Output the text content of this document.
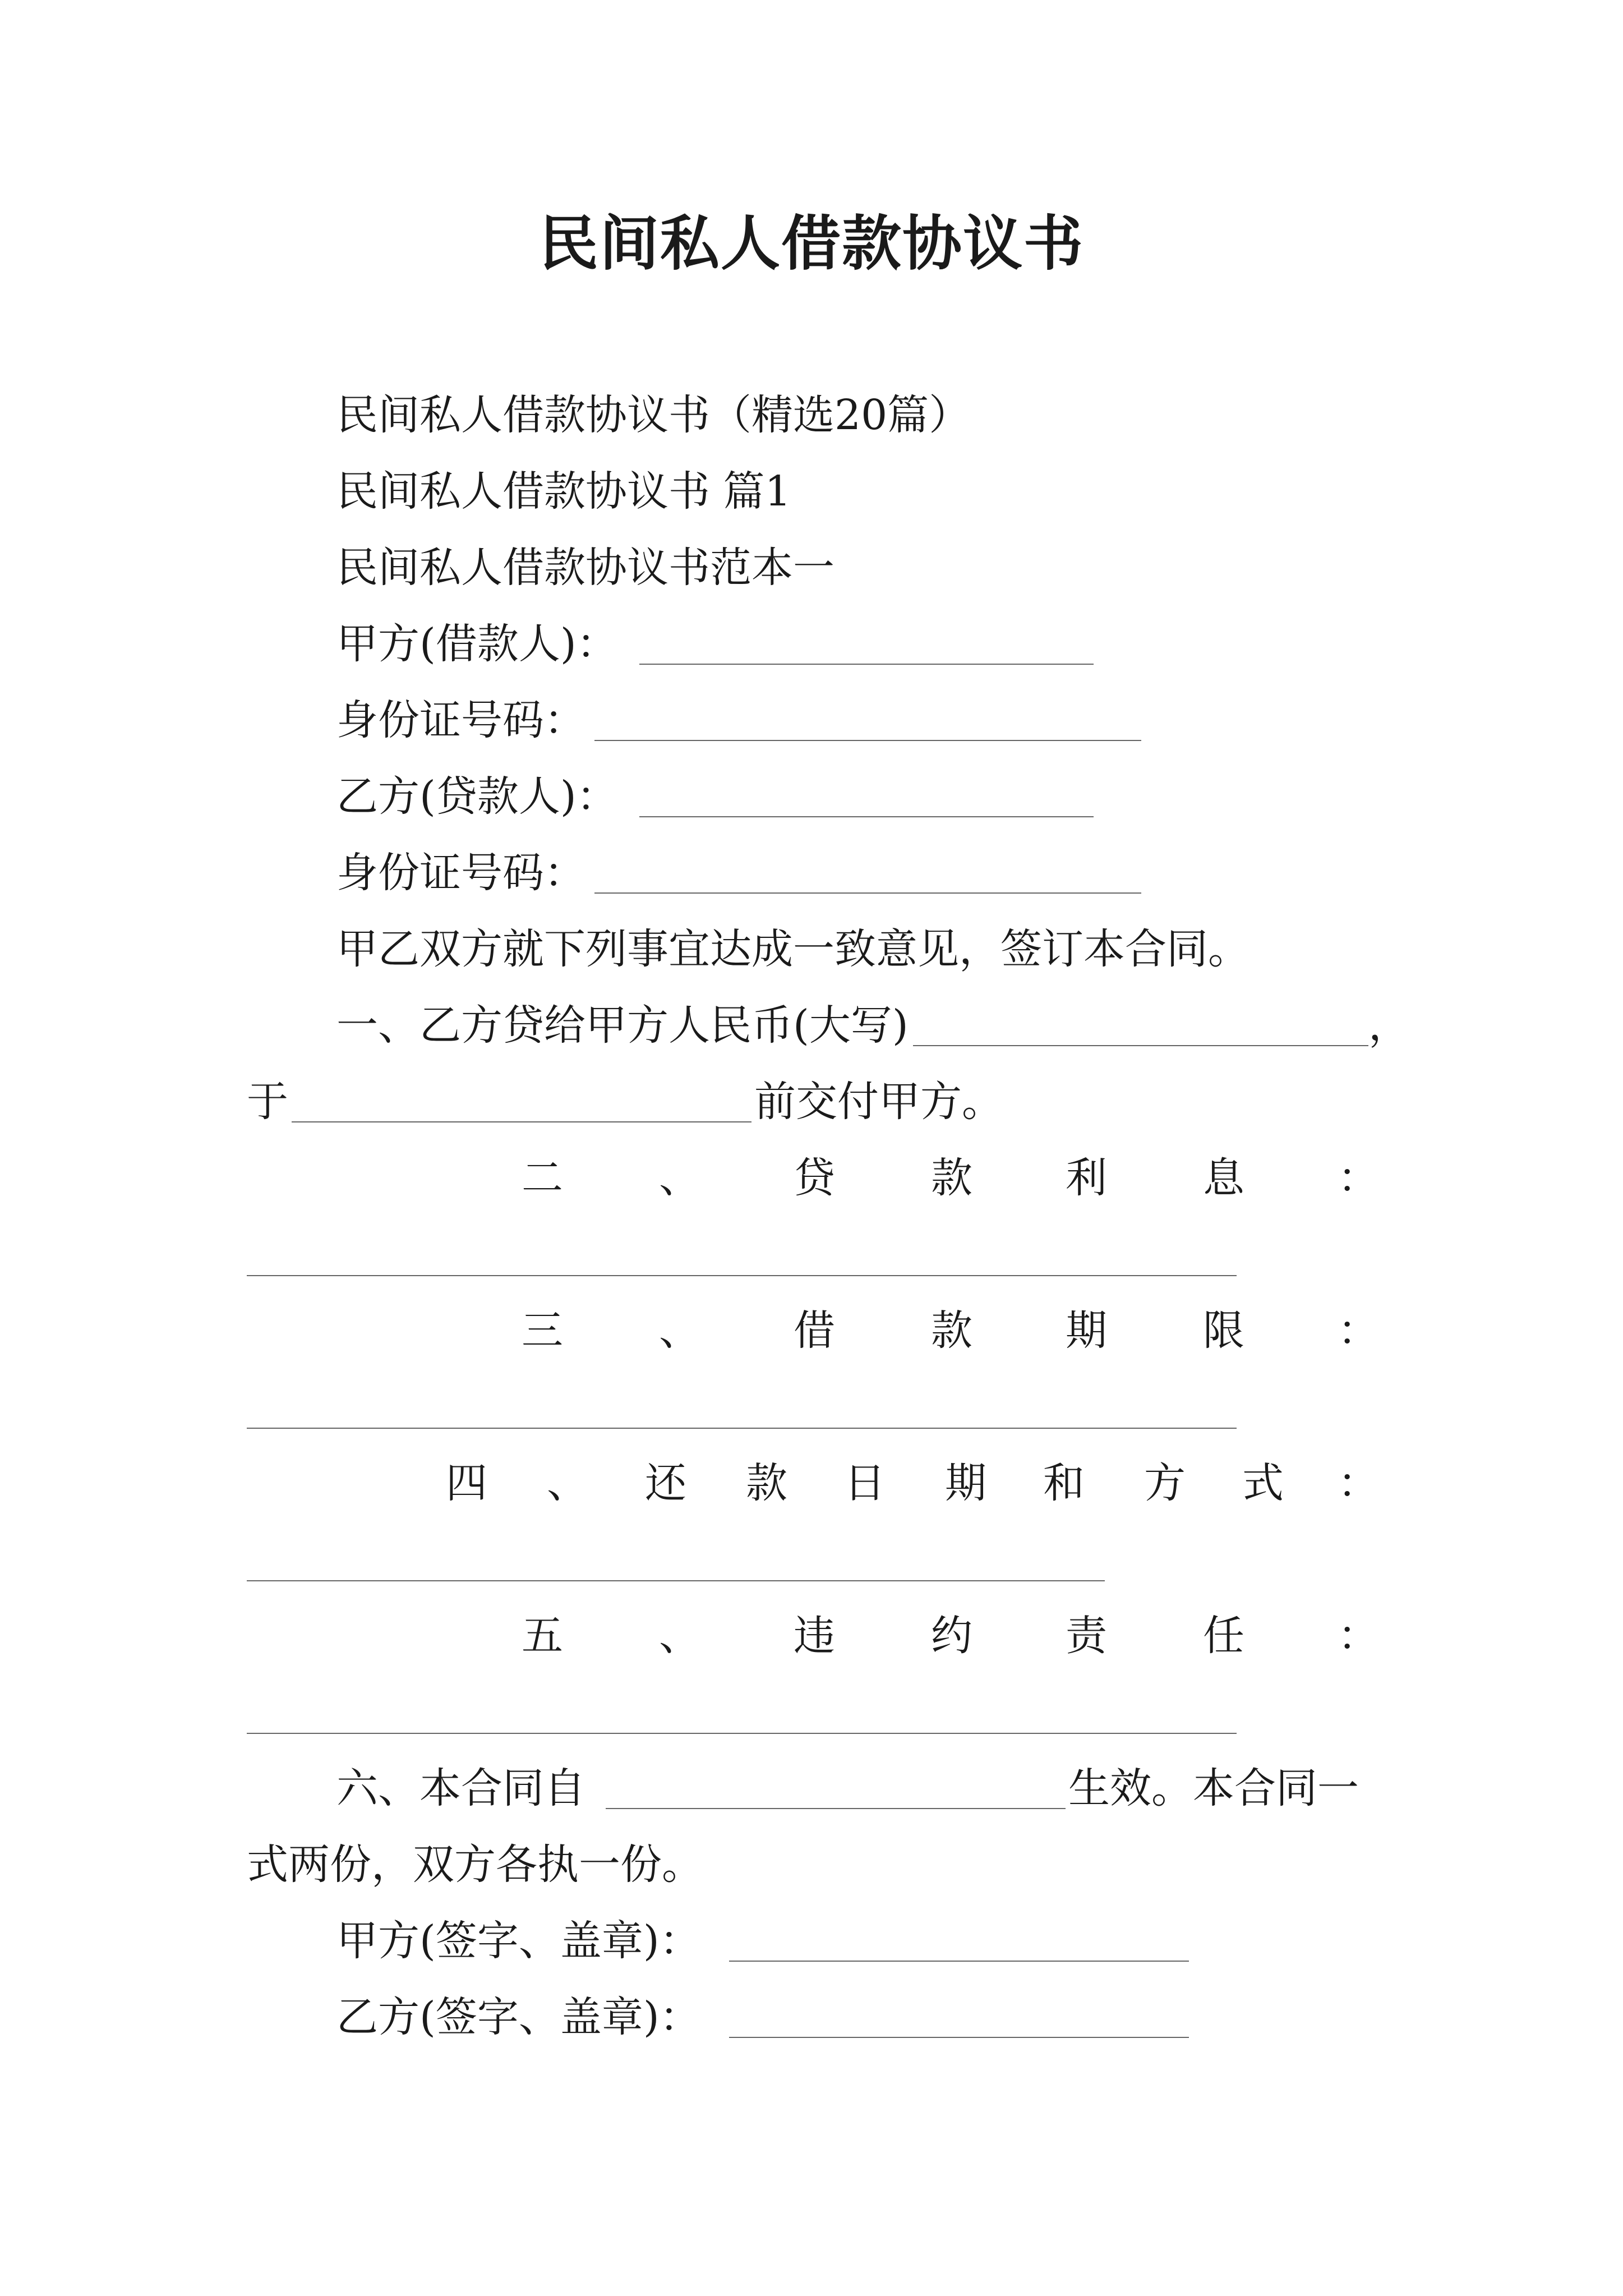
民间私人借款协议书
民间私人借款协议书（精选20篇）
民间私人借款协议书 篇1
民间私人借款协议书范本一
甲方(借款人)：
身份证号码：
乙方(贷款人)：
身份证号码：
甲乙双方就下列事宜达成一致意见，签订本合同。
一、乙方贷给甲方人民币(大写)	，
于	前交付甲方。
二 、 贷 款 利 息 ：
三 、 借 款 期 限 ：
四 、 还 款 日 期 和 方 式 ：
五 、 违 约 责 任 ：
六、本合同自	生效。本合同一
式两份，双方各执一份。
甲方(签字、盖章)：
乙方(签字、盖章)：
